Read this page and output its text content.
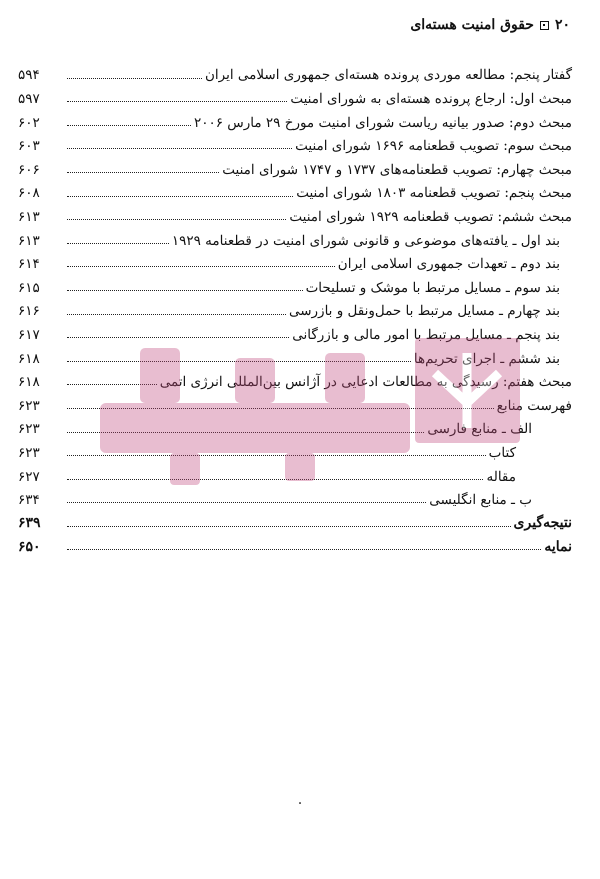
۲۰
حقوق امنیت هسته‌ای
گفتار پنجم: مطالعه موردی پرونده هسته‌ای جمهوری اسلامی ایران
۵۹۴
مبحث اول: ارجاع پرونده هسته‌ای به شورای امنیت
۵۹۷
مبحث دوم: صدور بیانیه ریاست شورای امنیت مورخ ۲۹ مارس ۲۰۰۶
۶۰۲
مبحث سوم: تصویب قطعنامه ۱۶۹۶ شورای امنیت
۶۰۳
مبحث چهارم: تصویب قطعنامه‌های ۱۷۳۷ و ۱۷۴۷ شورای امنیت
۶۰۶
مبحث پنجم: تصویب قطعنامه ۱۸۰۳ شورای امنیت
۶۰۸
مبحث ششم: تصویب قطعنامه ۱۹۲۹ شورای امنیت
۶۱۳
بند اول ـ یافته‌های موضوعی و قانونی شورای امنیت در قطعنامه ۱۹۲۹
۶۱۳
بند دوم ـ تعهدات جمهوری اسلامی ایران
۶۱۴
بند سوم ـ مسایل مرتبط با موشک و تسلیحات
۶۱۵
بند چهارم ـ مسایل مرتبط با حمل‌ونقل و بازرسی
۶۱۶
بند پنجم ـ مسایل مرتبط با امور مالی و بازرگانی
۶۱۷
بند ششم ـ اجرای تحریم‌ها
۶۱۸
مبحث هفتم: رسیدگی به مطالعات ادعایی در آژانس بین‌المللی انرژی اتمی
۶۱۸
فهرست منابع
۶۲۳
الف ـ منابع فارسی
۶۲۳
کتاب
۶۲۳
مقاله
۶۲۷
ب ـ منابع انگلیسی
۶۳۴
نتیجه‌گیری
۶۳۹
نمایه
۶۵۰
٠
